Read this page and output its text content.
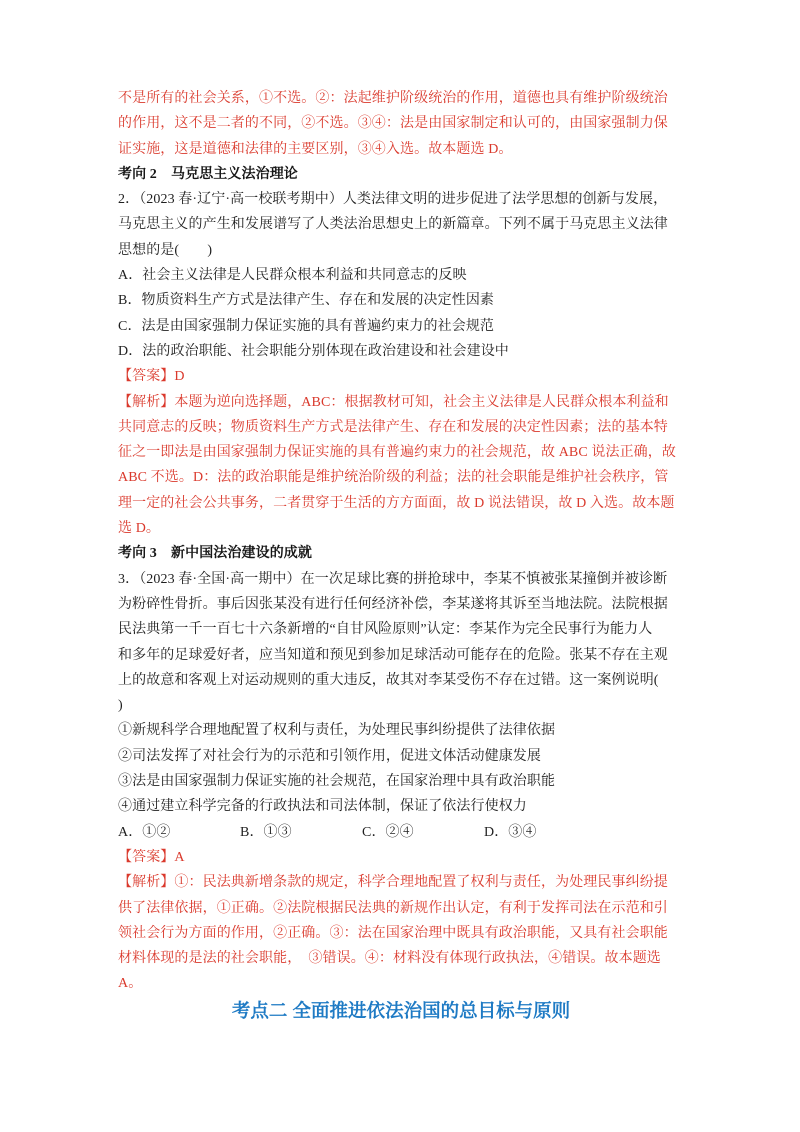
不是所有的社会关系，①不选。②：法起维护阶级统治的作用，道德也具有维护阶级统治
的作用，这不是二者的不同，②不选。③④：法是由国家制定和认可的，由国家强制力保
证实施，这是道德和法律的主要区别，③④入选。故本题选 D。
考向 2　马克思主义法治理论
2．（2023 春·辽宁·高一校联考期中）人类法律文明的进步促进了法学思想的创新与发展，
马克思主义的产生和发展谱写了人类法治思想史上的新篇章。下列不属于马克思主义法律
思想的是(　　)
A．社会主义法律是人民群众根本利益和共同意志的反映
B．物质资料生产方式是法律产生、存在和发展的决定性因素
C．法是由国家强制力保证实施的具有普遍约束力的社会规范
D．法的政治职能、社会职能分别体现在政治建设和社会建设中
【答案】D
【解析】本题为逆向选择题，ABC：根据教材可知，社会主义法律是人民群众根本利益和
共同意志的反映；物质资料生产方式是法律产生、存在和发展的决定性因素；法的基本特
征之一即法是由国家强制力保证实施的具有普遍约束力的社会规范，故 ABC 说法正确，故
ABC 不选。D：法的政治职能是维护统治阶级的利益；法的社会职能是维护社会秩序，管
理一定的社会公共事务，二者贯穿于生活的方方面面，故 D 说法错误，故 D 入选。故本题
选 D。
考向 3　新中国法治建设的成就
3．（2023 春·全国·高一期中）在一次足球比赛的拼抢球中，李某不慎被张某撞倒并被诊断
为粉碎性骨折。事后因张某没有进行任何经济补偿，李某遂将其诉至当地法院。法院根据
民法典第一千一百七十六条新增的“自甘风险原则”认定：李某作为完全民事行为能力人
和多年的足球爱好者，应当知道和预见到参加足球活动可能存在的危险。张某不存在主观
上的故意和客观上对运动规则的重大违反，故其对李某受伤不存在过错。这一案例说明(
)
①新规科学合理地配置了权利与责任，为处理民事纠纷提供了法律依据
②司法发挥了对社会行为的示范和引领作用，促进文体活动健康发展
③法是由国家强制力保证实施的社会规范，在国家治理中具有政治职能
④通过建立科学完备的行政执法和司法体制，保证了依法行使权力
A．①②	B．①③	C．②④	D．③④
【答案】A
【解析】①：民法典新增条款的规定，科学合理地配置了权利与责任，为处理民事纠纷提
供了法律依据，①正确。②法院根据民法典的新规作出认定，有利于发挥司法在示范和引
领社会行为方面的作用，②正确。③：法在国家治理中既具有政治职能，又具有社会职能
材料体现的是法的社会职能，　③错误。④：材料没有体现行政执法，④错误。故本题选
A。
考点二 全面推进依法治国的总目标与原则
